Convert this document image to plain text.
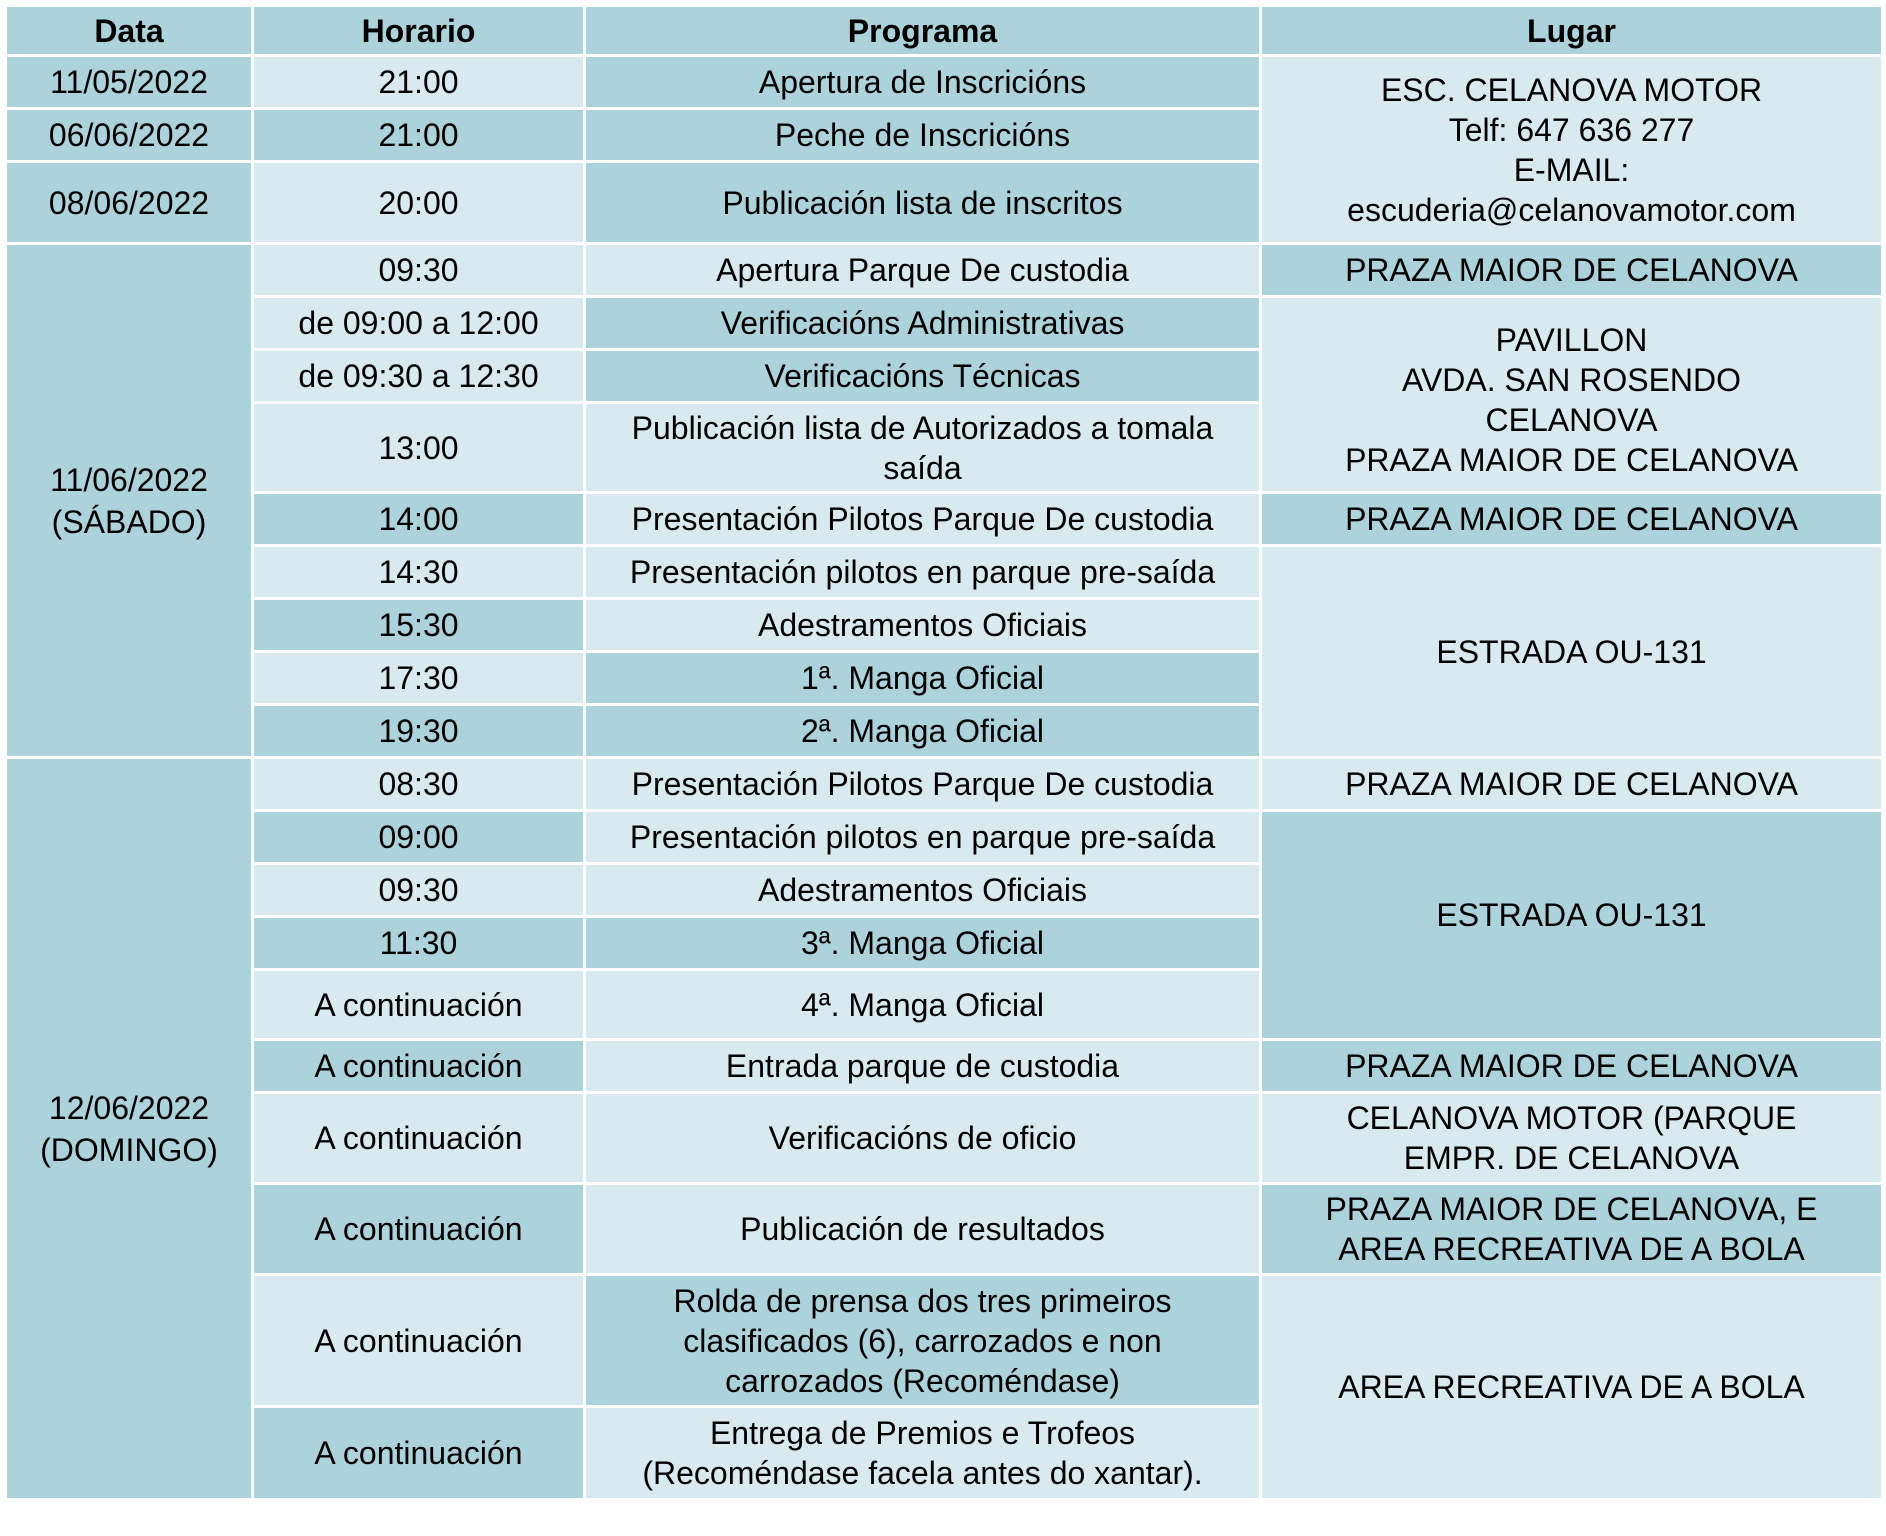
Data	Horario	Programa	Lugar
11/05/2022	21:00	Apertura de Inscricións	ESC. CELANOVA MOTOR
Telf: 647 636 277
E-MAIL:
escuderia@celanovamotor.com

06/06/2022	21:00	Peche de Inscricións	
08/06/2022	20:00	Publicación lista de inscritos	

11/06/2022
(SÁBADO)	09:30	Apertura Parque De custodia	PRAZA MAIOR DE CELANOVA
	de 09:00 a 12:00	Verificacións Administrativas	PAVILLON
AVDA. SAN ROSENDO
CELANOVA
PRAZA MAIOR DE CELANOVA

	de 09:30 a 12:30	Verificacións Técnicas	
	13:00	Publicación lista de Autorizados a tomala
saída	

	14:00	Presentación Pilotos Parque De custodia	PRAZA MAIOR DE CELANOVA
	14:30	Presentación pilotos en parque pre-saída	ESTRADA OU-131
	15:30	Adestramentos Oficiais	
	17:30	1ª. Manga Oficial	
	19:30	2ª. Manga Oficial	

12/06/2022
(DOMINGO)	08:30	Presentación Pilotos Parque De custodia	PRAZA MAIOR DE CELANOVA
	09:00	Presentación pilotos en parque pre-saída	ESTRADA OU-131
	09:30	Adestramentos Oficiais	
	11:30	3ª. Manga Oficial	
	A continuación	4ª. Manga Oficial	
	A continuación	Entrada parque de custodia	PRAZA MAIOR DE CELANOVA
	A continuación	Verificacións de oficio	CELANOVA MOTOR (PARQUE
EMPR. DE CELANOVA

	A continuación	Publicación de resultados	PRAZA MAIOR DE CELANOVA, E
AREA RECREATIVA DE A BOLA

	A continuación	Rolda de prensa dos tres primeiros
clasificados (6), carrozados e non
carrozados (Recoméndase)	AREA RECREATIVA DE A BOLA
	A continuación	Entrega de Premios e Trofeos
(Recoméndase facela antes do xantar).	
